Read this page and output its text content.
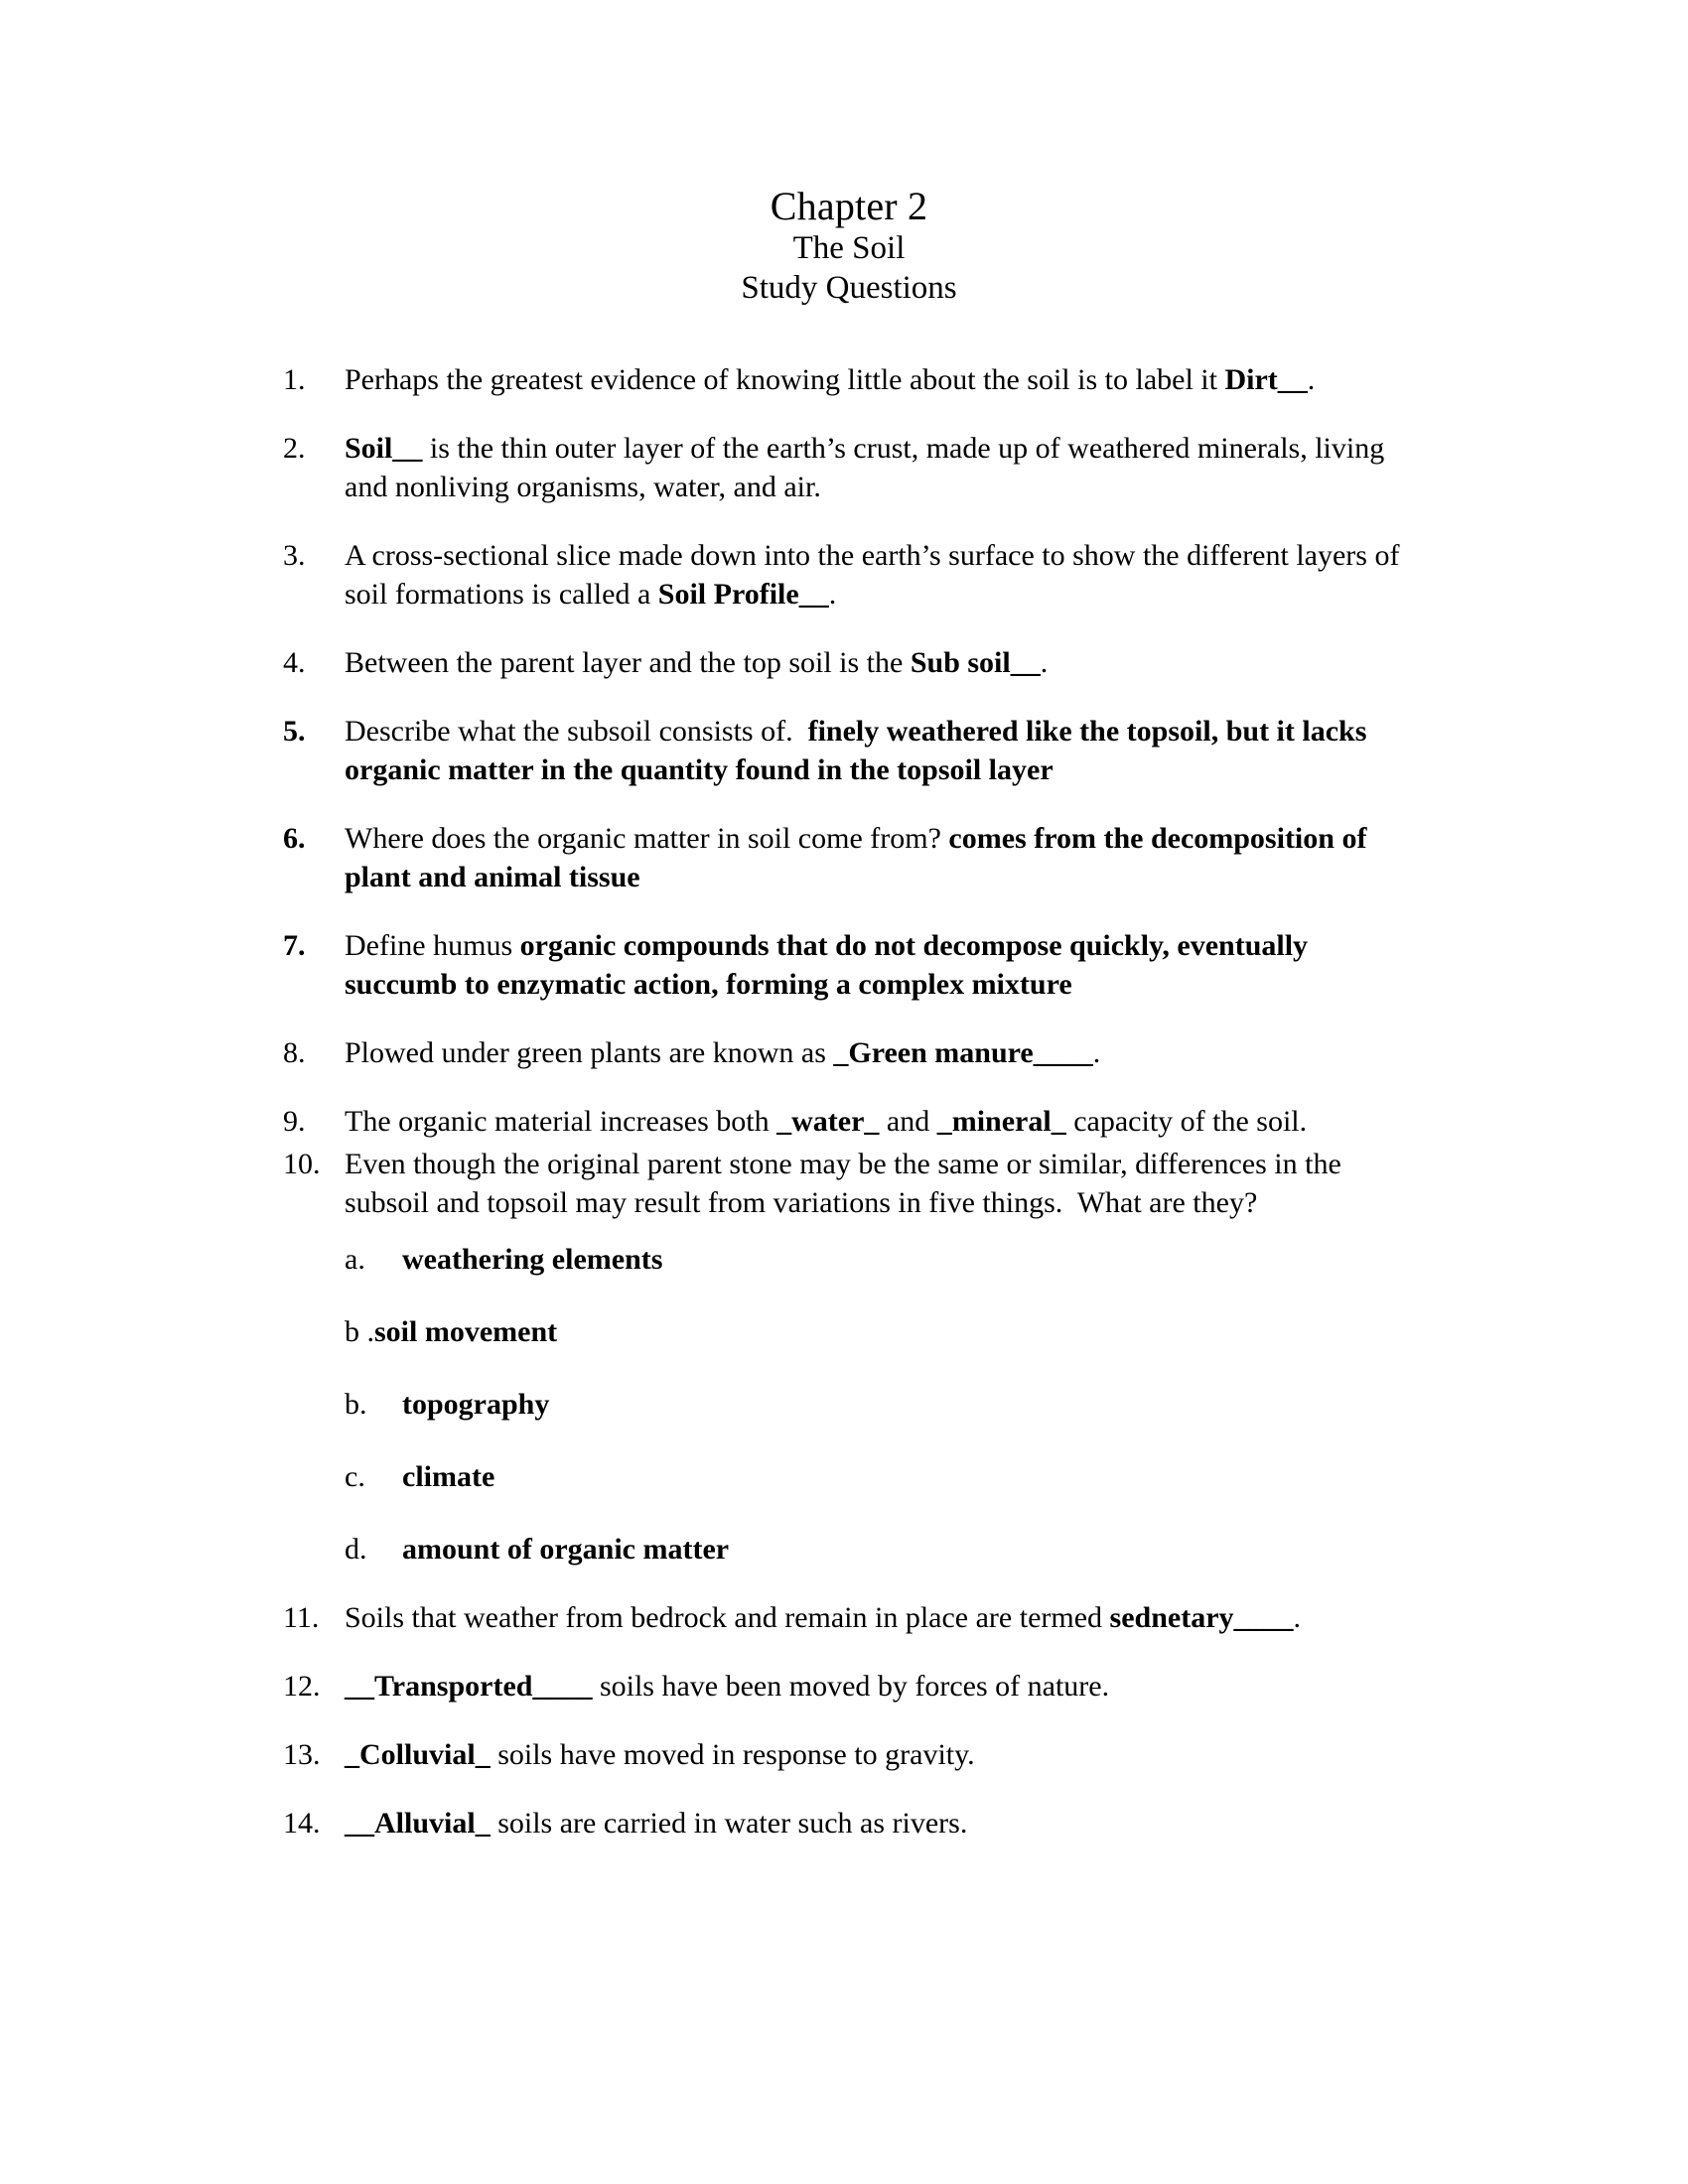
Chapter 2
The Soil
Study Questions
1.	Perhaps the greatest evidence of knowing little about the soil is to label it Dirt__.
2.	Soil__ is the thin outer layer of the earth’s crust, made up of weathered minerals, living and nonliving organisms, water, and air.
3.	A cross-sectional slice made down into the earth’s surface to show the different layers of soil formations is called a Soil Profile__.
4.	Between the parent layer and the top soil is the Sub soil__.
5.	Describe what the subsoil consists of.  finely weathered like the topsoil, but it lacks organic matter in the quantity found in the topsoil layer
6.	Where does the organic matter in soil come from? comes from the decomposition of plant and animal tissue
7.	Define humus organic compounds that do not decompose quickly, eventually succumb to enzymatic action, forming a complex mixture
8.	Plowed under green plants are known as _Green manure____.
9.	The organic material increases both _water_ and _mineral_ capacity of the soil.
10. Even though the original parent stone may be the same or similar, differences in the subsoil and topsoil may result from variations in five things.  What are they?
a. weathering elements
b .soil movement
b. topography
c. climate
d. amount of organic matter
11. Soils that weather from bedrock and remain in place are termed sednetary____.
12. __Transported____ soils have been moved by forces of nature.
13. _Colluvial_ soils have moved in response to gravity.
14. __Alluvial_ soils are carried in water such as rivers.
